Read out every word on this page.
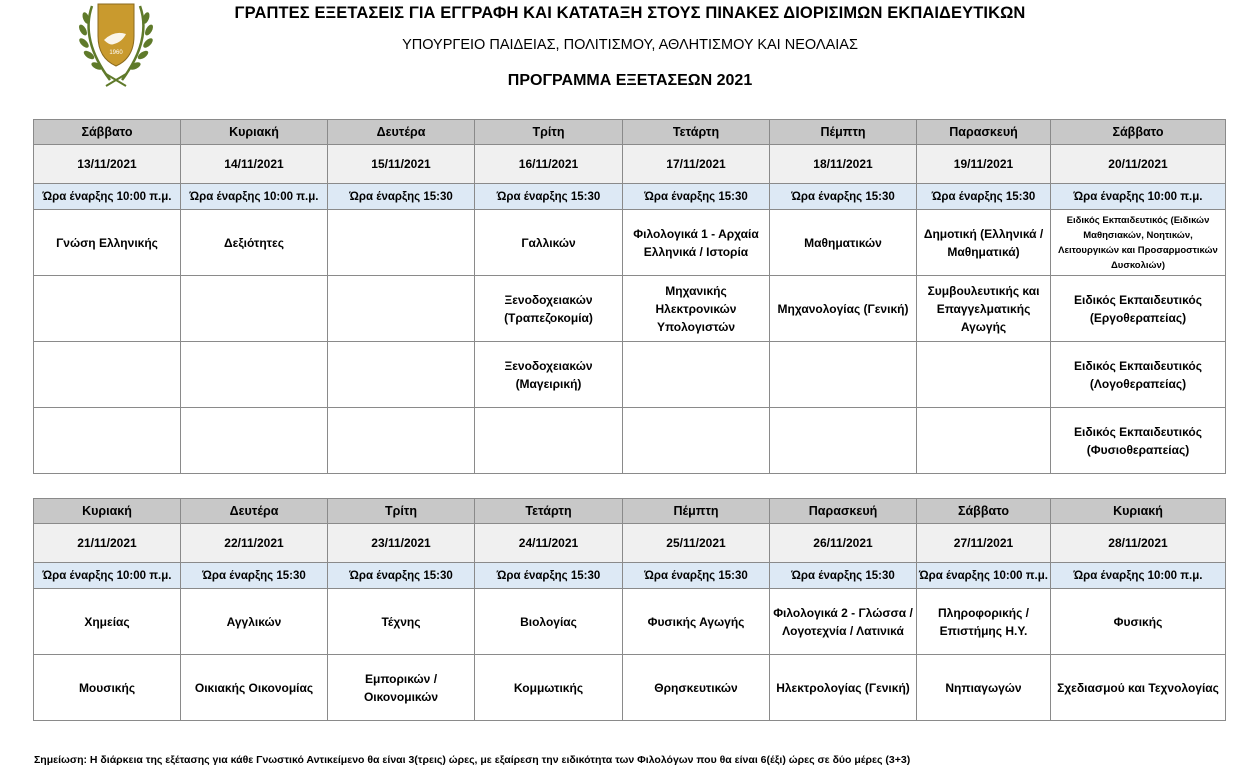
1960
ΓΡΑΠΤΕΣ ΕΞΕΤΑΣΕΙΣ ΓΙΑ ΕΓΓΡΑΦΗ ΚΑΙ ΚΑΤΑΤΑΞΗ ΣΤΟΥΣ ΠΙΝΑΚΕΣ ΔΙΟΡΙΣΙΜΩΝ ΕΚΠΑΙΔΕΥΤΙΚΩΝ
ΥΠΟΥΡΓΕΙΟ ΠΑΙΔΕΙΑΣ, ΠΟΛΙΤΙΣΜΟΥ, ΑΘΛΗΤΙΣΜΟΥ ΚΑΙ ΝΕΟΛΑΙΑΣ
ΠΡΟΓΡΑΜΜΑ ΕΞΕΤΑΣΕΩΝ 2021
Σάββατο	Κυριακή	Δευτέρα	Τρίτη	Τετάρτη	Πέμπτη	Παρασκευή	Σάββατο
13/11/2021	14/11/2021	15/11/2021	16/11/2021	17/11/2021	18/11/2021	19/11/2021	20/11/2021
Ώρα έναρξης 10:00 π.μ.	Ώρα έναρξης 10:00 π.μ.	Ώρα έναρξης 15:30	Ώρα έναρξης 15:30	Ώρα έναρξης 15:30	Ώρα έναρξης 15:30	Ώρα έναρξης 15:30	Ώρα έναρξης 10:00 π.μ.
Γνώση Ελληνικής	Δεξιότητες		Γαλλικών	Φιλολογικά 1 - Αρχαία Ελληνικά / Ιστορία	Μαθηματικών	Δημοτική (Ελληνικά / Μαθηματικά)	Ειδικός Εκπαιδευτικός (Ειδικών Μαθησιακών, Νοητικών, Λειτουργικών και Προσαρμοστικών Δυσκολιών)
			Ξενοδοχειακών (Τραπεζοκομία)	Μηχανικής Ηλεκτρονικών Υπολογιστών	Μηχανολογίας (Γενική)	Συμβουλευτικής και Επαγγελματικής Αγωγής	Ειδικός Εκπαιδευτικός (Εργοθεραπείας)
			Ξενοδοχειακών (Μαγειρική)				Ειδικός Εκπαιδευτικός (Λογοθεραπείας)
							Ειδικός Εκπαιδευτικός (Φυσιοθεραπείας)
Κυριακή	Δευτέρα	Τρίτη	Τετάρτη	Πέμπτη	Παρασκευή	Σάββατο	Κυριακή
21/11/2021	22/11/2021	23/11/2021	24/11/2021	25/11/2021	26/11/2021	27/11/2021	28/11/2021
Ώρα έναρξης 10:00 π.μ.	Ώρα έναρξης 15:30	Ώρα έναρξης 15:30	Ώρα έναρξης 15:30	Ώρα έναρξης 15:30	Ώρα έναρξης 15:30	Ώρα έναρξης 10:00 π.μ.	Ώρα έναρξης 10:00 π.μ.
Χημείας	Αγγλικών	Τέχνης	Βιολογίας	Φυσικής Αγωγής	Φιλολογικά 2 - Γλώσσα / Λογοτεχνία / Λατινικά	Πληροφορικής / Επιστήμης Η.Υ.	Φυσικής
Μουσικής	Οικιακής Οικονομίας	Εμπορικών / Οικονομικών	Κομμωτικής	Θρησκευτικών	Ηλεκτρολογίας (Γενική)	Νηπιαγωγών	Σχεδιασμού και Τεχνολογίας
Σημείωση: Η διάρκεια της εξέτασης για κάθε Γνωστικό Αντικείμενο θα είναι 3(τρεις) ώρες, με εξαίρεση την ειδικότητα των Φιλολόγων που θα είναι 6(έξι) ώρες σε δύο μέρες (3+3)
